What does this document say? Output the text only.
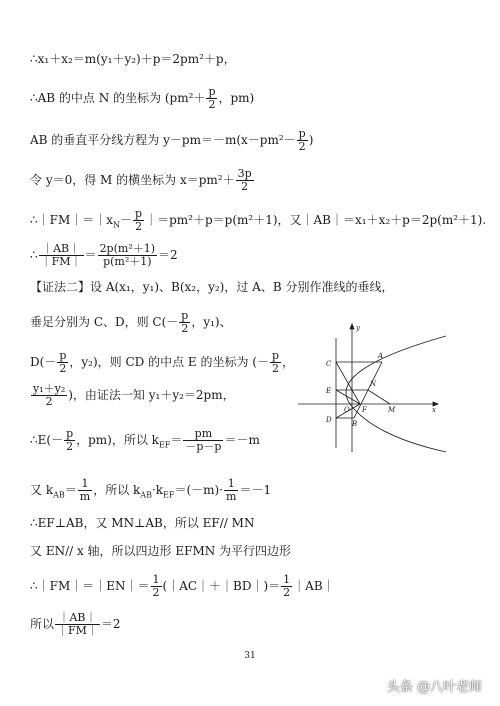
∴x₁＋x₂＝m(y₁＋y₂)＋p＝2pm²＋p，
∴AB 的中点 N 的坐标为 ($pm^2+ \frac{p}{2}$ ，pm)
AB 的垂直平分线方程为 $y-pm=-m(x-pm^2- \frac{p}{2}$ )
令 y＝0，得 M 的横坐标为 $x=pm^2+ \frac{3p}{2}$
$\therefore|FM|=|x_N- \frac{p}{2}$ ｜＝pm²＋p＝p(m²＋1)，又｜AB｜＝x₁＋x₂＋p＝2p(m²＋1).
∴ $\frac{|AB|}{|FM|} = \frac{\text{2p(m²＋1)}}{\text{p(m²＋1)}} =2$
【证法二】设 A(x₁，y₁)、B(x₂，y₂)，过 A、B 分别作准线的垂线，
垂足分别为 C、D，则 $C(- \frac{p}{2}$ ，y₁)、
$D(- \frac{p}{2}$ ，y₂)，则 CD 的中点 E 的坐标为 (－ $\frac{p}{2}$ ，
$\frac{\text{y₁＋y₂}}{2}$ )，由证法一知 y₁＋y₂＝2pm，
∴E(－ $\frac{p}{2}$ ，pm)，所以 $k_{EF}= \frac{pm}{-p-p} =-m$
又 $k_{AB}= \frac{1}{m}$ ，所以 $k_{AB}\cdot k_{EF}=(-m)\cdot \frac{1}{m} =-1$
∴EF⊥AB，又 MN⊥AB，所以 EF// MN
又 EN// x 轴，所以四边形 EFMN 为平行四边形
∴｜FM｜＝｜EN｜＝ $\frac{1}{2}$ (｜AC｜＋｜BD｜)＝ $\frac{1}{2}$ ｜AB｜
所以 $\frac{|AB|}{|FM|} =2$
y
x
A
B
C
D
E
F	M
N
O
31
头条 @八叶老师
